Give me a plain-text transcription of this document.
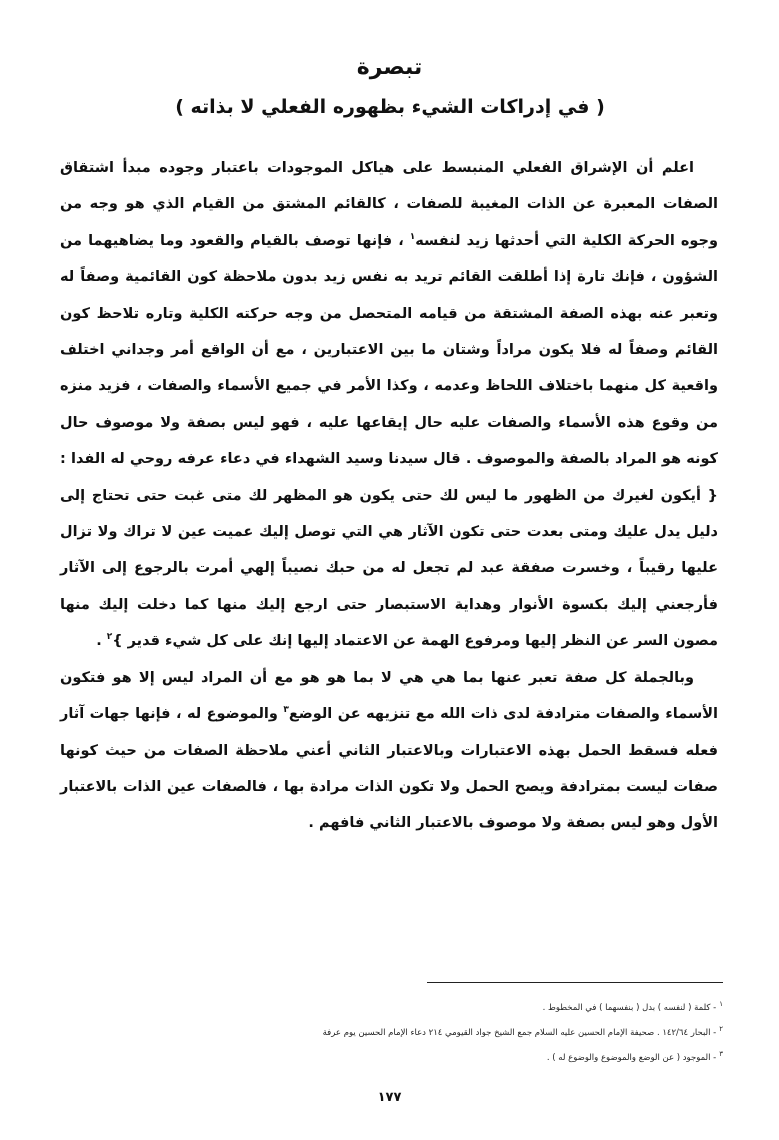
تبصرة
( في إدراكات الشيء بظهوره الفعلي لا بذاته )

اعلم أن الإشراق الفعلي المنبسط على هياكل الموجودات باعتبار وجوده مبدأ اشتقاق الصفات المعبرة عن الذات المغيبة للصفات ، كالقائم المشتق من القيام الذي هو وجه من وجوه الحركة الكلية التي أحدثها زيد لنفسه$^١$ ، فإنها توصف بالقيام والقعود وما يضاهيهما من الشؤون ، فإنك تارة إذا أطلقت القائم تريد به نفس زيد بدون ملاحظة كون القائمية وصفاً له وتعبر عنه بهذه الصفة المشتقة من قيامه المتحصل من وجه حركته الكلية وتاره تلاحظ كون القائم وصفاً له فلا يكون مراداً وشتان ما بين الاعتبارين ، مع أن الواقع أمر وجداني اختلف واقعية كل منهما باختلاف اللحاظ وعدمه ، وكذا الأمر في جميع الأسماء والصفات ، فزيد منزه من وقوع هذه الأسماء والصفات عليه حال إيقاعها عليه ، فهو ليس بصفة ولا موصوف حال كونه هو المراد بالصفة والموصوف . قال سيدنا وسيد الشهداء في دعاء عرفه روحي له الفدا :{ أيكون لغيرك من الظهور ما ليس لك حتى يكون هو المظهر لك متى غبت حتى تحتاج إلى دليل يدل عليك ومتى بعدت حتى تكون الآثار هي التي توصل إليك عميت عين لا تراك ولا تزال عليها رقيباً ، وخسرت صفقة عبد لم تجعل له من حبك نصيباً إلهي أمرت بالرجوع إلى الآثار فأرجعني إليك بكسوة الأنوار وهداية الاستبصار حتى ارجع إليك منها كما دخلت إليك منها مصون السر عن النظر إليها ومرفوع الهمة عن الاعتماد إليها إنك على كل شيء قدير }$^٢$ .

وبالجملة كل صفة تعبر عنها بما هي هي لا بما هو هو مع أن المراد ليس إلا هو فتكون الأسماء والصفات مترادفة لدى ذات الله مع تنزيهه عن الوضع$^٣$ والموضوع له ، فإنها جهات آثار فعله فسقط الحمل بهذه الاعتبارات وبالاعتبار الثاني أعني ملاحظة الصفات من حيث كونها صفات ليست بمترادفة ويصح الحمل ولا تكون الذات مرادة بها ، فالصفات عين الذات بالاعتبار الأول وهو ليس بصفة ولا موصوف بالاعتبار الثاني فافهم .

$^١$- كلمة ( لنفسه ) بدل ( بنفسهما ) في المخطوط .
$^٢$- البحار ١٤٢/٦٤ . صحيفة الإمام الحسين عليه السلام جمع الشيخ جواد القيومي ٢١٤ دعاء الإمام الحسين يوم عرفة
$^٣$- الموجود ( عن الوضع والموضوع والوضوع له ) .
١٧٧
